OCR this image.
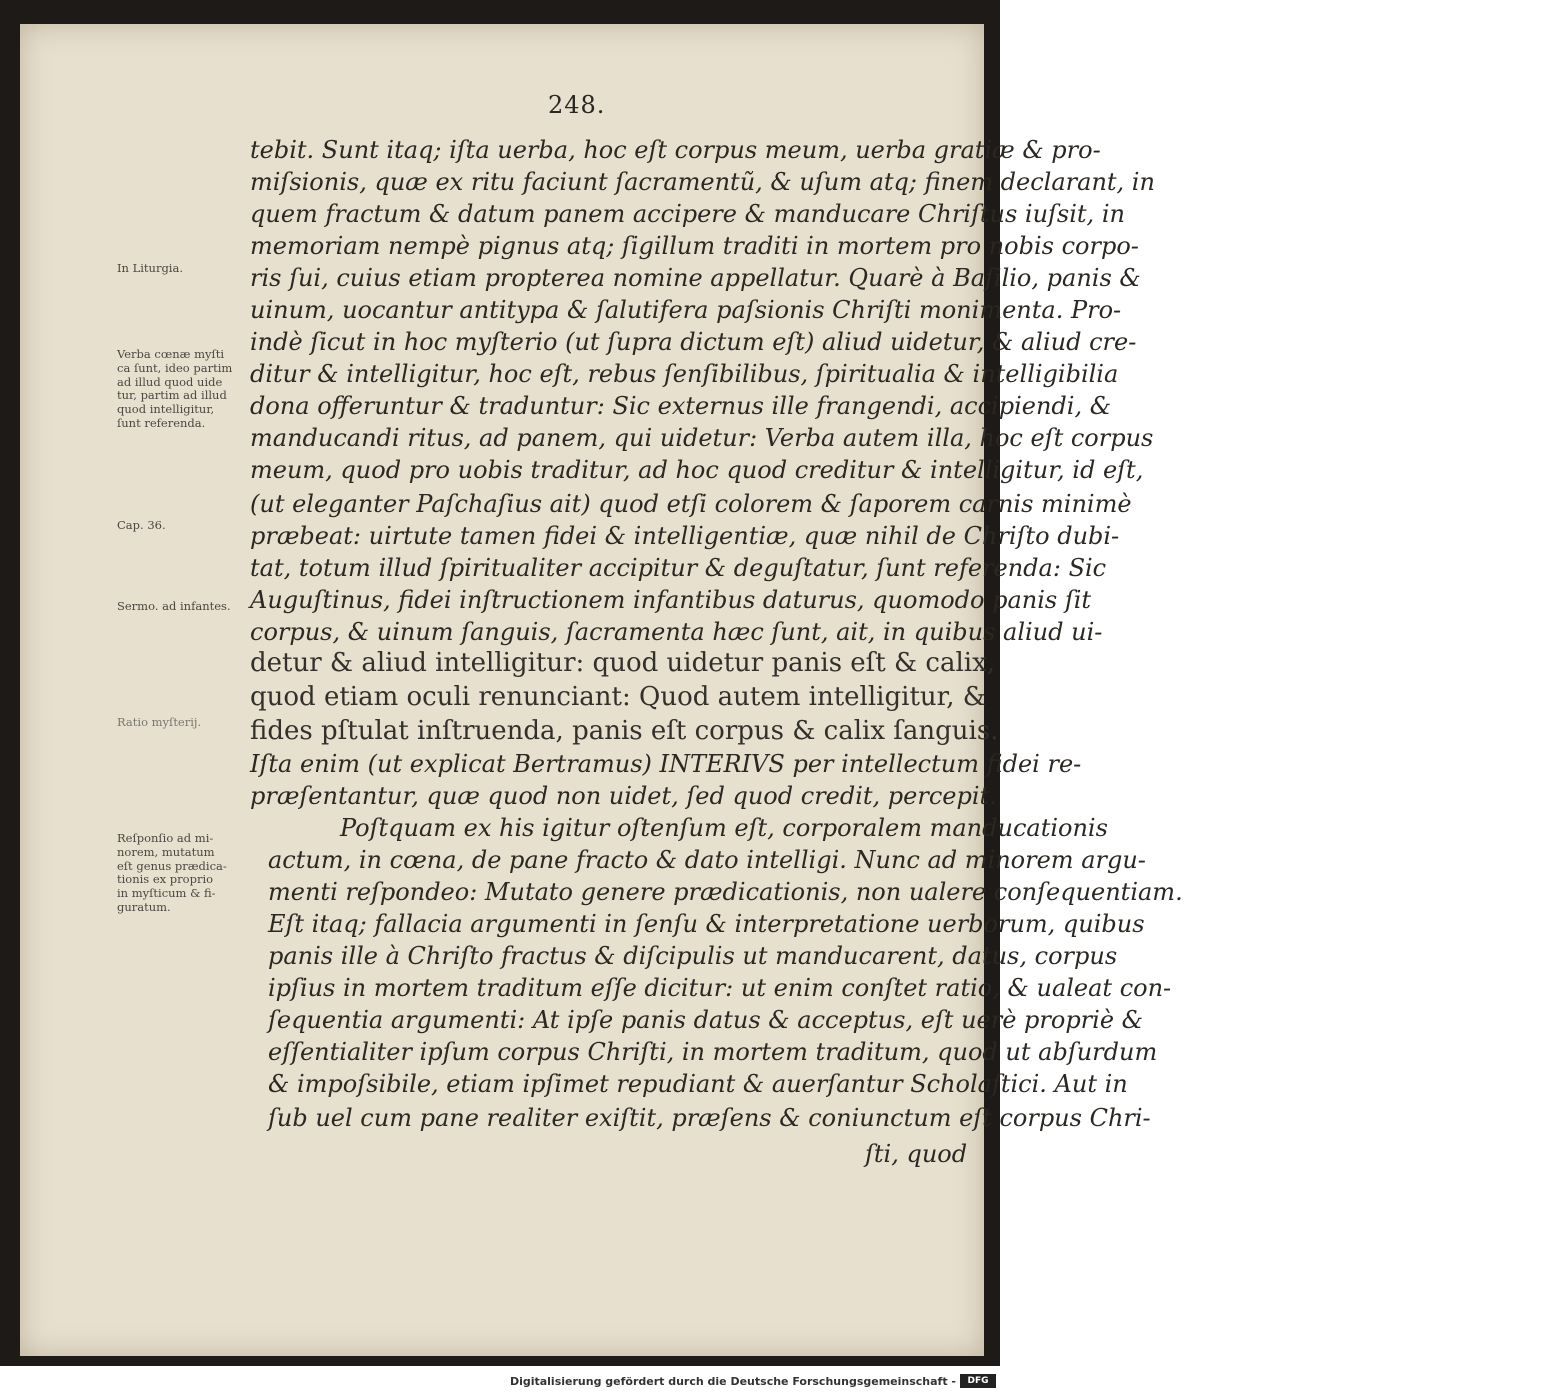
248.
tebit. Sunt itaq; iſta uerba, hoc eſt corpus meum, uerba gratiæ & pro-
miſsionis, quæ ex ritu faciunt ſacramentũ, & uſum atq; finem declarant, in
quem fractum & datum panem accipere & manducare Chriſtus iuſsit, in
memoriam nempè pignus atq; ſigillum traditi in mortem pro nobis corpo-
ris ſui, cuius etiam propterea nomine appellatur. Quarè à Baſilio, panis &
uinum, uocantur antitypa & ſalutifera paſsionis Chriſti monimenta. Pro-
indè ſicut in hoc myſterio (ut ſupra dictum eſt) aliud uidetur, & aliud cre-
ditur & intelligitur, hoc eſt, rebus ſenſibilibus, ſpiritualia & intelligibilia
dona offeruntur & traduntur: Sic externus ille frangendi, accipiendi, &
manducandi ritus, ad panem, qui uidetur: Verba autem illa, hoc eſt corpus
meum, quod pro uobis traditur, ad hoc quod creditur & intelligitur, id eſt,
(ut eleganter Paſchaſius ait) quod etſi colorem & ſaporem carnis minimè
præbeat: uirtute tamen fidei & intelligentiæ, quæ nihil de Chriſto dubi-
tat, totum illud ſpiritualiter accipitur & deguſtatur, ſunt referenda: Sic
Auguſtinus, fidei inſtructionem infantibus daturus, quomodo panis ſit
corpus, & uinum ſanguis, ſacramenta hæc ſunt, ait, in quibus aliud ui-
detur & aliud intelligitur: quod uidetur panis eſt & calix,
quod etiam oculi renunciant: Quod autem intelligitur, &
fides pſtulat inſtruenda, panis eſt corpus & calix ſanguis.
Iſta enim (ut explicat Bertramus) INTERIVS per intellectum fidei re-
præſentantur, quæ quod non uidet, ſed quod credit, percepit.
Poſtquam ex his igitur oſtenſum eſt, corporalem manducationis
actum, in cœna, de pane fracto & dato intelligi. Nunc ad minorem argu-
menti reſpondeo: Mutato genere prædicationis, non ualere conſequentiam.
Eſt itaq; fallacia argumenti in ſenſu & interpretatione uerborum, quibus
panis ille à Chriſto fractus & diſcipulis ut manducarent, datus, corpus
ipſius in mortem traditum eſſe dicitur: ut enim conſtet ratio, & ualeat con-
ſequentia argumenti: At ipſe panis datus & acceptus, eſt uerè propriè &
eſſentialiter ipſum corpus Chriſti, in mortem traditum, quod ut abſurdum
& impoſsibile, etiam ipſimet repudiant & auerſantur Scholaſtici. Aut in
ſub uel cum pane realiter exiſtit, præſens & coniunctum eſt corpus Chri-
ſti, quod
In Liturgia.
Verba cœnæ myſti
ca ſunt, ideo partim
ad illud quod uide
tur, partim ad illud
quod intelligitur,
ſunt referenda.
Cap. 36.
Sermo. ad infantes.
Ratio myſterij.
Reſponſio ad mi-
norem, mutatum
eſt genus prædica-
tionis ex proprio
in myſticum & fi-
guratum.
Digitalisierung gefördert durch die Deutsche Forschungsgemeinschaft -	DFG
